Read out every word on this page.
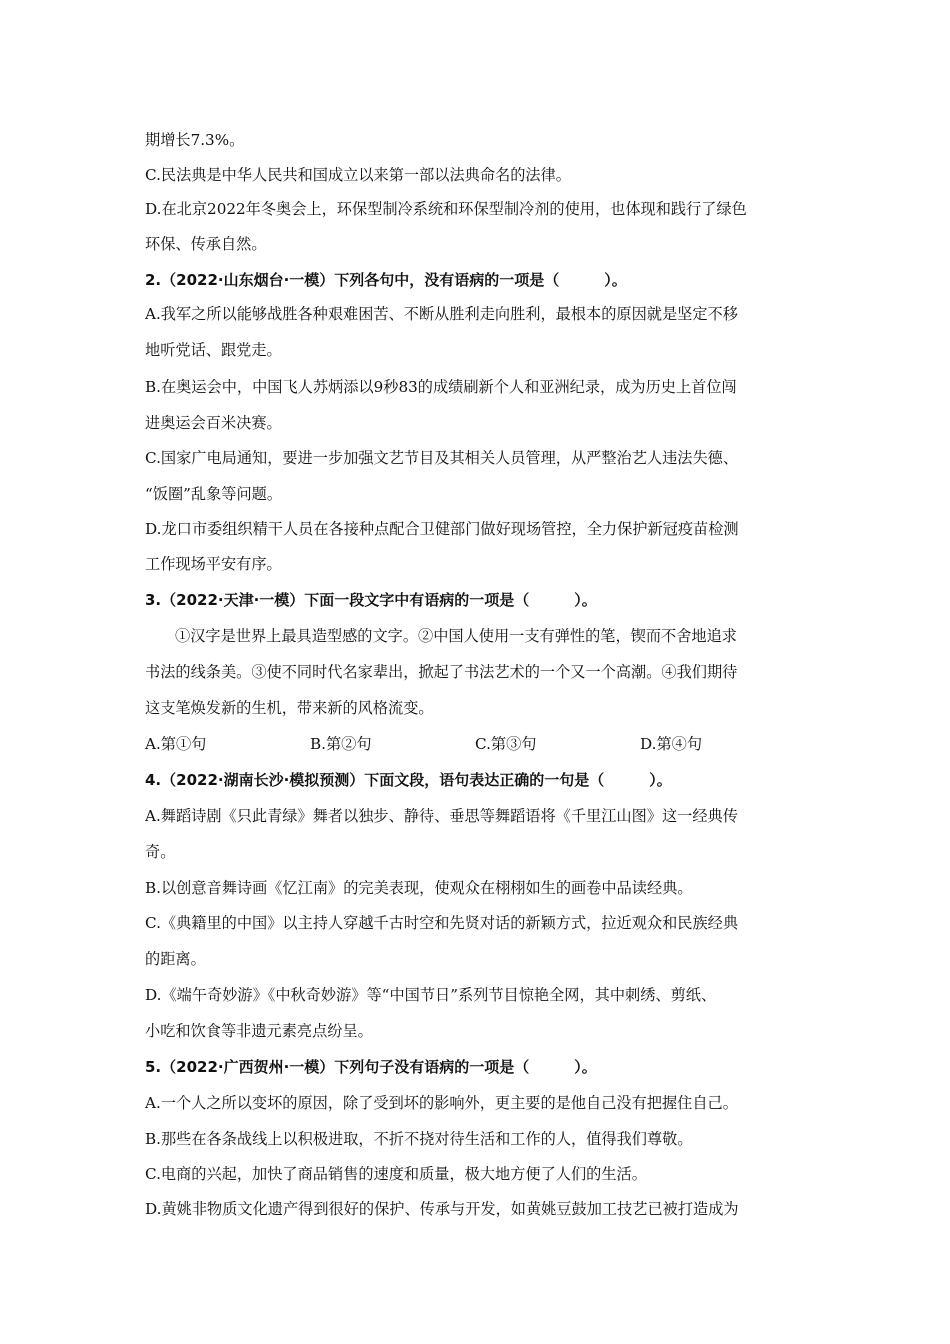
期增长7.3%。
C.民法典是中华人民共和国成立以来第一部以法典命名的法律。
D.在北京2022年冬奥会上，环保型制冷系统和环保型制冷剂的使用，也体现和践行了绿色
环保、传承自然。
2.（2022·山东烟台·一模）下列各句中，没有语病的一项是（　　　）。
A.我军之所以能够战胜各种艰难困苦、不断从胜利走向胜利，最根本的原因就是坚定不移
地听党话、跟党走。
B.在奥运会中，中国飞人苏炳添以9秒83的成绩刷新个人和亚洲纪录，成为历史上首位闯
进奥运会百米决赛。
C.国家广电局通知，要进一步加强文艺节目及其相关人员管理，从严整治艺人违法失德、
“饭圈”乱象等问题。
D.龙口市委组织精干人员在各接种点配合卫健部门做好现场管控，全力保护新冠疫苗检测
工作现场平安有序。
3.（2022·天津·一模）下面一段文字中有语病的一项是（　　　）。
①汉字是世界上最具造型感的文字。②中国人使用一支有弹性的笔，锲而不舍地追求
书法的线条美。③使不同时代名家辈出，掀起了书法艺术的一个又一个高潮。④我们期待
这支笔焕发新的生机，带来新的风格流变。
A.第①句	B.第②句	C.第③句	D.第④句
4.（2022·湖南长沙·模拟预测）下面文段，语句表达正确的一句是（　　　）。
A.舞蹈诗剧《只此青绿》舞者以独步、静待、垂思等舞蹈语将《千里江山图》这一经典传
奇。
B.以创意音舞诗画《忆江南》的完美表现，使观众在栩栩如生的画卷中品读经典。
C.《典籍里的中国》以主持人穿越千古时空和先贤对话的新颖方式，拉近观众和民族经典
的距离。
D.《端午奇妙游》《中秋奇妙游》等“中国节日”系列节目惊艳全网，其中刺绣、剪纸、
小吃和饮食等非遗元素亮点纷呈。
5.（2022·广西贺州·一模）下列句子没有语病的一项是（　　　）。
A.一个人之所以变坏的原因，除了受到坏的影响外，更主要的是他自己没有把握住自己。
B.那些在各条战线上以积极进取，不折不挠对待生活和工作的人，值得我们尊敬。
C.电商的兴起，加快了商品销售的速度和质量，极大地方便了人们的生活。
D.黄姚非物质文化遗产得到很好的保护、传承与开发，如黄姚豆鼓加工技艺已被打造成为
